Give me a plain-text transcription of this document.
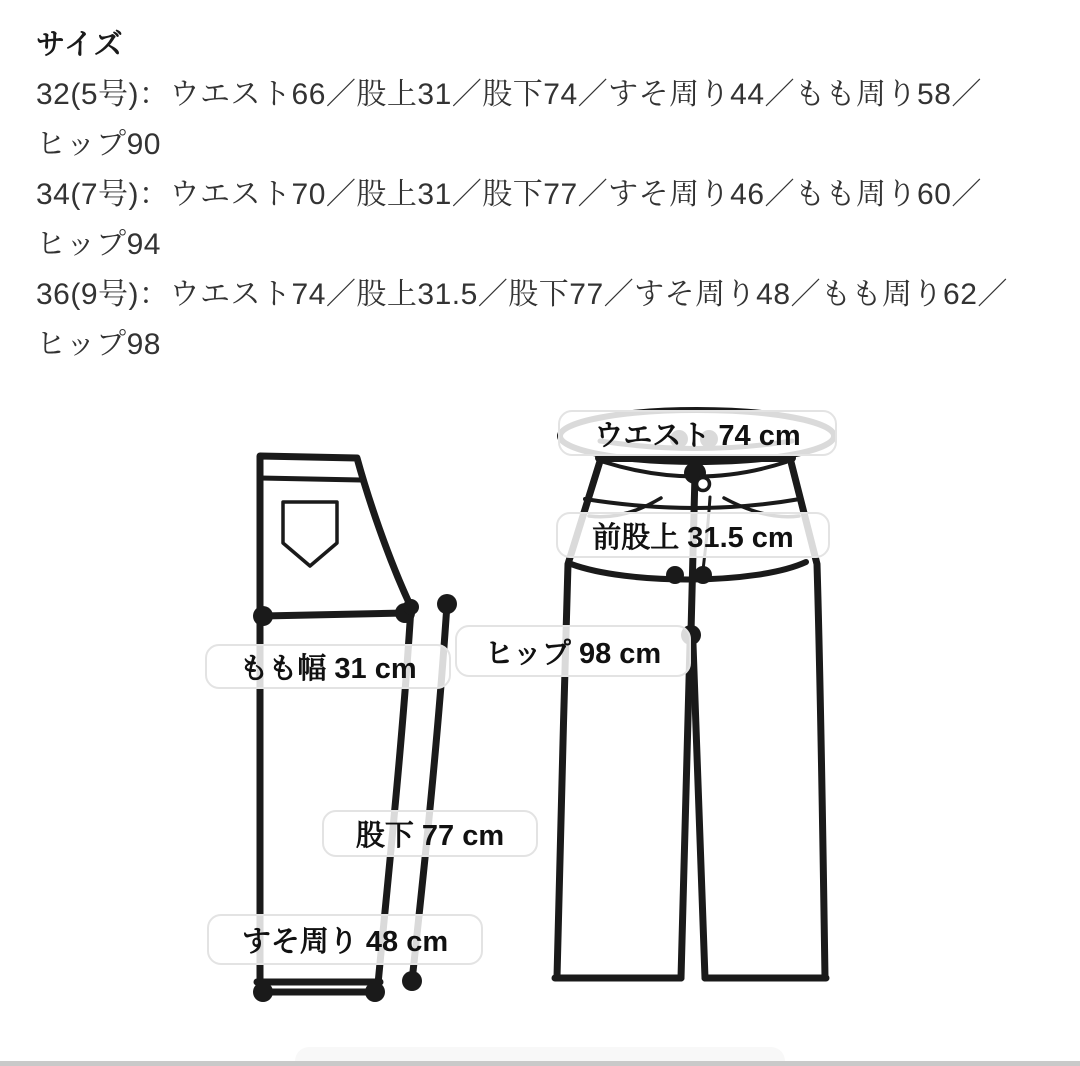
サイズ
32(5号)：ウエスト66／股上31／股下74／すそ周り44／もも周り58／
ヒップ90
34(7号)：ウエスト70／股上31／股下77／すそ周り46／もも周り60／
ヒップ94
36(9号)：ウエスト74／股上31.5／股下77／すそ周り48／もも周り62／
ヒップ98
ウエスト 74 cm
前股上 31.5 cm
ヒップ 98 cm
もも幅 31 cm
股下 77 cm
すそ周り 48 cm
